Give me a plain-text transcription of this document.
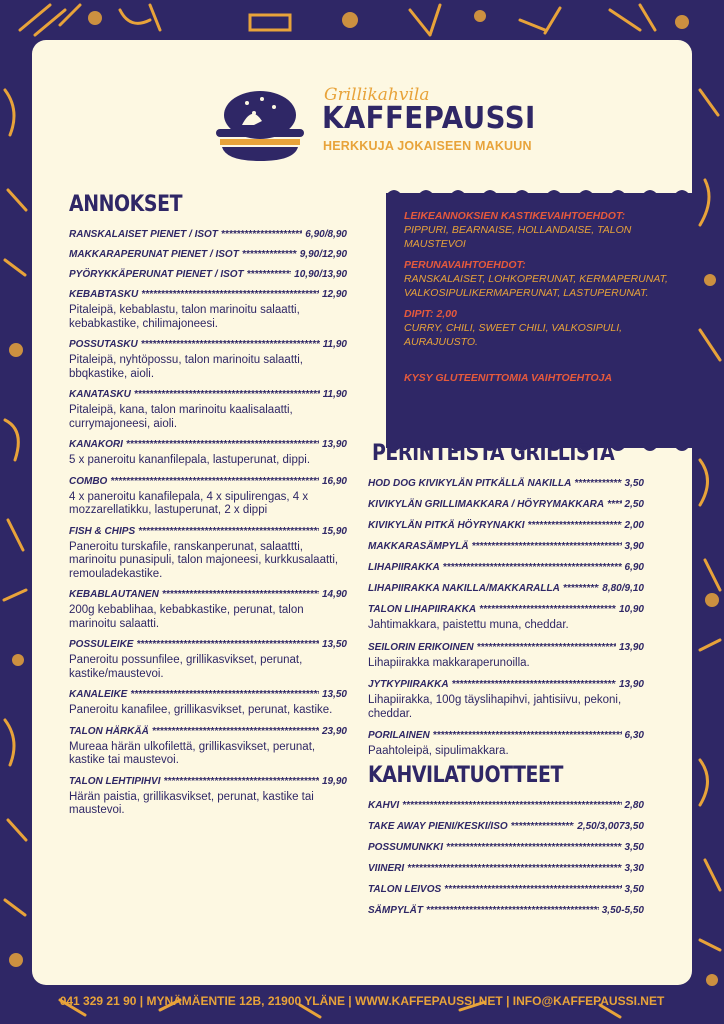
Grillikahvila
KAFFEPAUSSI
HERKKUJA JOKAISEEN MAKUUN
ANNOKSET
RANSKALAISET PIENET / ISOT *****	6,90/8,90
MAKKARAPERUNAT PIENET / ISOT *****	9,90/12,90
PYÖRYKKÄPERUNAT PIENET / ISOT *****	10,90/13,90
KEBABTASKU *****	12,90
Pitaleipä, kebablastu, talon marinoitu salaatti, kebabkastike, chilimajoneesi.
POSSUTASKU *****	11,90
Pitaleipä, nyhtöpossu, talon marinoitu salaatti, bbqkastike, aioli.
KANATASKU *****	11,90
Pitaleipä, kana, talon marinoitu kaalisalaatti, currymajoneesi, aioli.
KANAKORI *****	13,90
5 x paneroitu kananfilepala, lastuperunat, dippi.
COMBO *****	16,90
4 x paneroitu kanafilepala, 4 x sipulirengas, 4 x mozzarellatikku, lastuperunat, 2 x dippi
FISH & CHIPS *****	15,90
Paneroitu turskafile, ranskanperunat, salaattti, marinoitu punasipuli, talon majoneesi, kurkkusalaatti, remouladekastike.
KEBABLAUTANEN *****	14,90
200g kebablihaa, kebabkastike, perunat, talon marinoitu salaatti.
POSSULEIKE *****	13,50
Paneroitu possunfilee, grillikasvikset, perunat, kastike/maustevoi.
KANALEIKE *****	13,50
Paneroitu kanafilee, grillikasvikset, perunat, kastike.
TALON HÄRKÄÄ *****	23,90
Mureaa härän ulkofilettä, grillikasvikset, perunat, kastike tai maustevoi.
TALON LEHTIPIHVI *****	19,90
Härän paistia, grillikasvikset, perunat, kastike tai maustevoi.
LEIKEANNOKSIEN KASTIKEVAIHTOEHDOT:
PIPPURI, BEARNAISE, HOLLANDAISE, TALON MAUSTEVOI
PERUNAVAIHTOEHDOT:
RANSKALAISET, LOHKOPERUNAT, KERMAPERUNAT, VALKOSIPULIKERMAPERUNAT, LASTUPERUNAT.
DIPIT: 2,00
CURRY, CHILI, SWEET CHILI, VALKOSIPULI, AURAJUUSTO.
KYSY GLUTEENITTOMIA VAIHTOEHTOJA
PERINTEISTÄ GRILLISTÄ
HOD DOG KIVIKYLÄN PITKÄLLÄ NAKILLA *****	3,50
KIVIKYLÄN GRILLIMAKKARA / HÖYRYMAKKARA ***** 2,50
KIVIKYLÄN PITKÄ HÖYRYNAKKI *****	2,00
MAKKARASÄMPYLÄ *****	3,90
LIHAPIIRAKKA *****	6,90
LIHAPIIRAKKA NAKILLA/MAKKARALLA *****	8,80/9,10
TALON LIHAPIIRAKKA *****	10,90
Jahtimakkara, paistettu muna, cheddar.
SEILORIN ERIKOINEN *****	13,90
Lihapiirakka makkaraperunoilla.
JYTKYPIIRAKKA *****	13,90
Lihapiirakka, 100g täyslihapihvi, jahtisiivu, pekoni, cheddar.
PORILAINEN *****	6,30
Paahtoleipä, sipulimakkara.
KAHVILATUOTTEET
KAHVI *****	2,80
TAKE AWAY PIENI/KESKI/ISO *****	2,50/3,0073,50
POSSUMUNKKI *****	3,50
VIINERI *****	3,30
TALON LEIVOS *****	3,50
SÄMPYLÄT *****	3,50-5,50
041 329 21 90 | MYNÄMÄENTIE 12B, 21900 YLÄNE | WWW.KAFFEPAUSSI.NET | INFO@KAFFEPAUSSI.NET
